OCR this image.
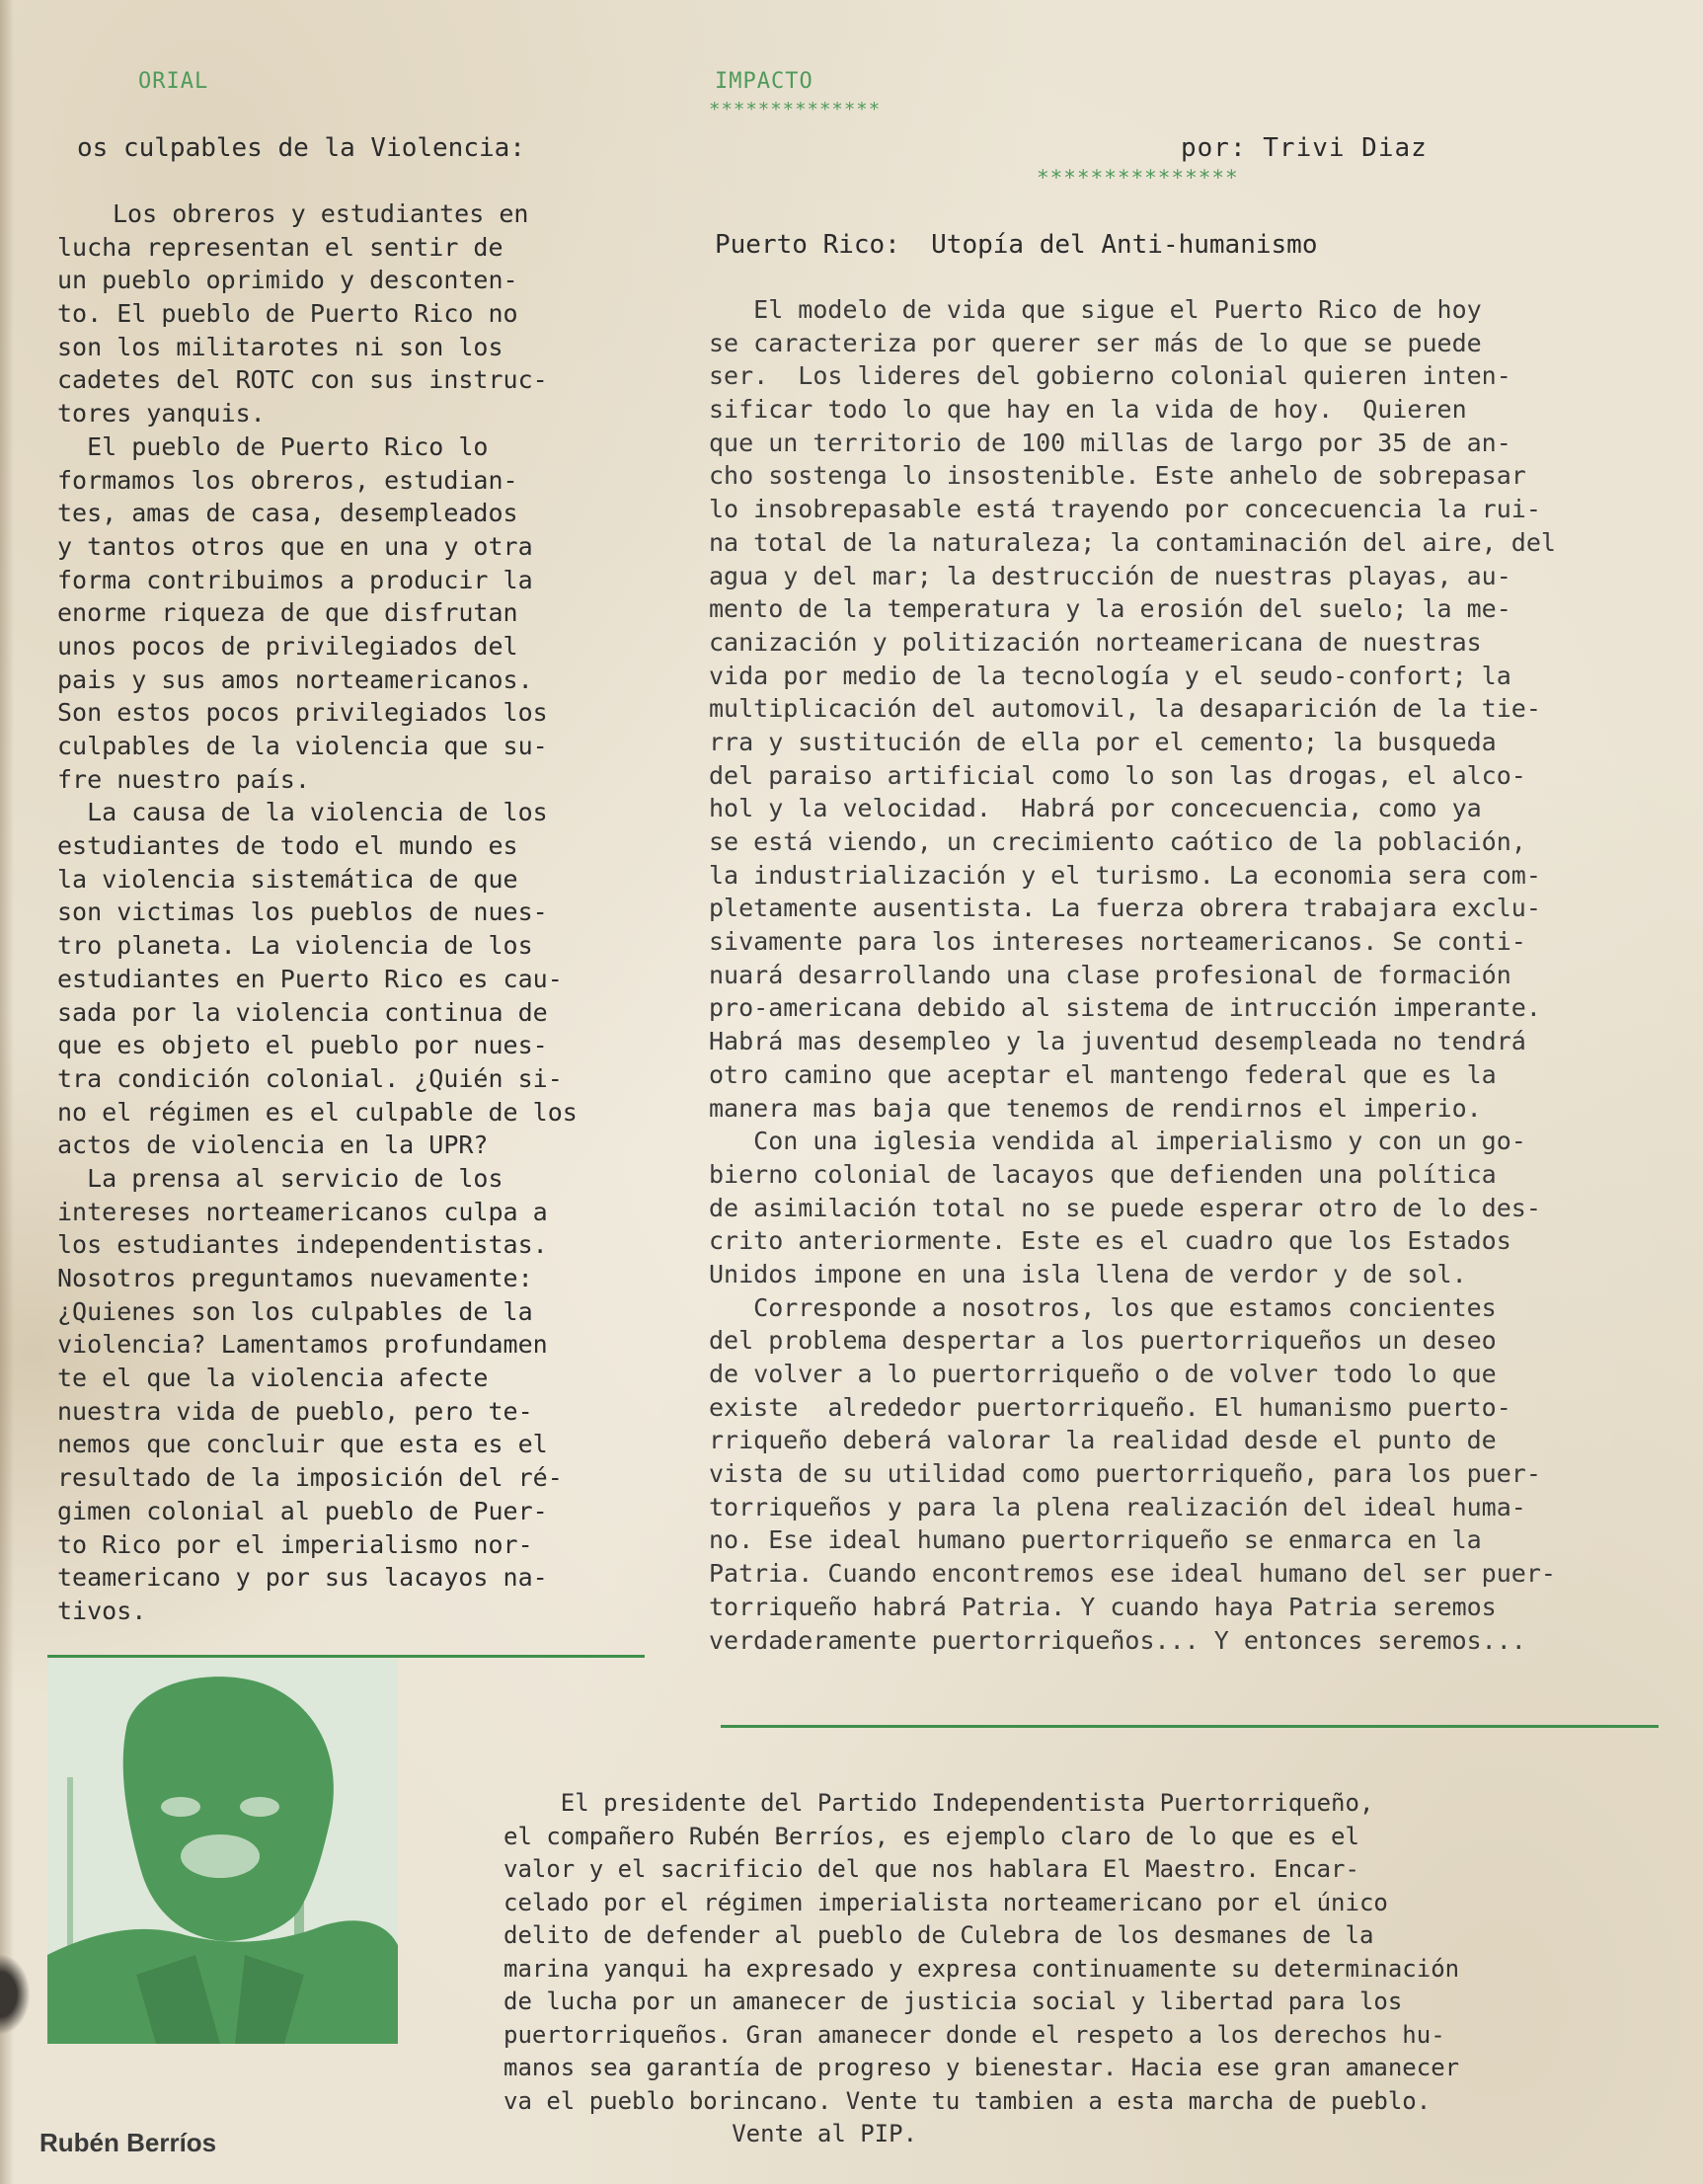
ORIAL	IMPACTO
**************
por: Trivi Diaz
***************
os culpables de la Violencia:
Puerto Rico:  Utopía del Anti-humanismo
Los obreros y estudiantes en
lucha representan el sentir de
un pueblo oprimido y desconten-
to. El pueblo de Puerto Rico no
son los militarotes ni son los
cadetes del ROTC con sus instruc-
tores yanquis.
El pueblo de Puerto Rico lo
formamos los obreros, estudian-
tes, amas de casa, desempleados
y tantos otros que en una y otra
forma contribuimos a producir la
enorme riqueza de que disfrutan
unos pocos de privilegiados del
pais y sus amos norteamericanos.
Son estos pocos privilegiados los
culpables de la violencia que su-
fre nuestro país.
La causa de la violencia de los
estudiantes de todo el mundo es
la violencia sistemática de que
son victimas los pueblos de nues-
tro planeta. La violencia de los
estudiantes en Puerto Rico es cau-
sada por la violencia continua de
que es objeto el pueblo por nues-
tra condición colonial. ¿Quién si-
no el régimen es el culpable de los
actos de violencia en la UPR?
La prensa al servicio de los
intereses norteamericanos culpa a
los estudiantes independentistas.
Nosotros preguntamos nuevamente:
¿Quienes son los culpables de la
violencia? Lamentamos profundamen
te el que la violencia afecte
nuestra vida de pueblo, pero te-
nemos que concluir que esta es el
resultado de la imposición del ré-
gimen colonial al pueblo de Puer-
to Rico por el imperialismo nor-
teamericano y por sus lacayos na-
tivos.
El modelo de vida que sigue el Puerto Rico de hoy
se caracteriza por querer ser más de lo que se puede
ser.  Los lideres del gobierno colonial quieren inten-
sificar todo lo que hay en la vida de hoy.  Quieren
que un territorio de 100 millas de largo por 35 de an-
cho sostenga lo insostenible. Este anhelo de sobrepasar
lo insobrepasable está trayendo por concecuencia la rui-
na total de la naturaleza; la contaminación del aire, del
agua y del mar; la destrucción de nuestras playas, au-
mento de la temperatura y la erosión del suelo; la me-
canización y politización norteamericana de nuestras
vida por medio de la tecnología y el seudo-confort; la
multiplicación del automovil, la desaparición de la tie-
rra y sustitución de ella por el cemento; la busqueda
del paraiso artificial como lo son las drogas, el alco-
hol y la velocidad.  Habrá por concecuencia, como ya
se está viendo, un crecimiento caótico de la población,
la industrialización y el turismo. La economia sera com-
pletamente ausentista. La fuerza obrera trabajara exclu-
sivamente para los intereses norteamericanos. Se conti-
nuará desarrollando una clase profesional de formación
pro-americana debido al sistema de intrucción imperante.
Habrá mas desempleo y la juventud desempleada no tendrá
otro camino que aceptar el mantengo federal que es la
manera mas baja que tenemos de rendirnos el imperio.
Con una iglesia vendida al imperialismo y con un go-
bierno colonial de lacayos que defienden una política
de asimilación total no se puede esperar otro de lo des-
crito anteriormente. Este es el cuadro que los Estados
Unidos impone en una isla llena de verdor y de sol.
Corresponde a nosotros, los que estamos concientes
del problema despertar a los puertorriqueños un deseo
de volver a lo puertorriqueño o de volver todo lo que
existe  alrededor puertorriqueño. El humanismo puerto-
rriqueño deberá valorar la realidad desde el punto de
vista de su utilidad como puertorriqueño, para los puer-
torriqueños y para la plena realización del ideal huma-
no. Ese ideal humano puertorriqueño se enmarca en la
Patria. Cuando encontremos ese ideal humano del ser puer-
torriqueño habrá Patria. Y cuando haya Patria seremos
verdaderamente puertorriqueños... Y entonces seremos...
Rubén Berríos
El presidente del Partido Independentista Puertorriqueño,
el compañero Rubén Berríos, es ejemplo claro de lo que es el
valor y el sacrificio del que nos hablara El Maestro. Encar-
celado por el régimen imperialista norteamericano por el único
delito de defender al pueblo de Culebra de los desmanes de la
marina yanqui ha expresado y expresa continuamente su determinación
de lucha por un amanecer de justicia social y libertad para los
puertorriqueños. Gran amanecer donde el respeto a los derechos hu-
manos sea garantía de progreso y bienestar. Hacia ese gran amanecer
va el pueblo borincano. Vente tu tambien a esta marcha de pueblo.
Vente al PIP.
